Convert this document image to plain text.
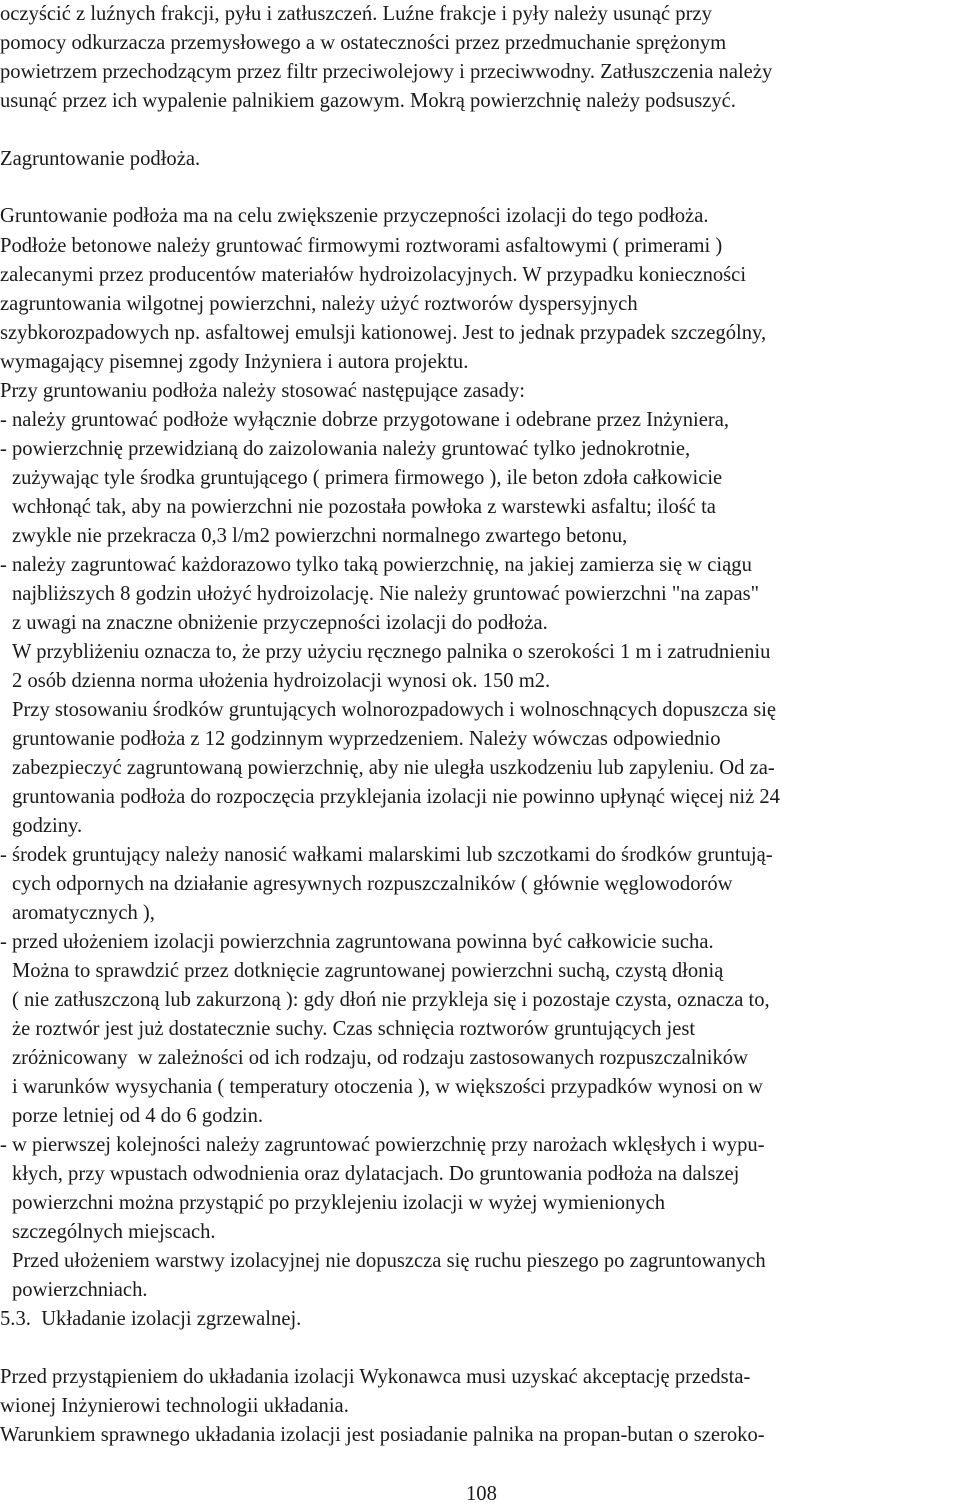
oczyścić z luźnych frakcji, pyłu i zatłuszczeń. Luźne frakcje i pyły należy usunąć przy
pomocy odkurzacza przemysłowego a w ostateczności przez przedmuchanie sprężonym
powietrzem przechodzącym przez filtr przeciwolejowy i przeciwwodny. Zatłuszczenia należy
usunąć przez ich wypalenie palnikiem gazowym. Mokrą powierzchnię należy podsuszyć.
Zagruntowanie podłoża.
Gruntowanie podłoża ma na celu zwiększenie przyczepności izolacji do tego podłoża.
Podłoże betonowe należy gruntować firmowymi roztworami asfaltowymi ( primerami )
zalecanymi przez producentów materiałów hydroizolacyjnych. W przypadku konieczności
zagruntowania wilgotnej powierzchni, należy użyć roztworów dyspersyjnych
szybkorozpadowych np. asfaltowej emulsji kationowej. Jest to jednak przypadek szczególny,
wymagający pisemnej zgody Inżyniera i autora projektu.
Przy gruntowaniu podłoża należy stosować następujące zasady:
- należy gruntować podłoże wyłącznie dobrze przygotowane i odebrane przez Inżyniera,
- powierzchnię przewidzianą do zaizolowania należy gruntować tylko jednokrotnie,
zużywając tyle środka gruntującego ( primera firmowego ), ile beton zdoła całkowicie
wchłonąć tak, aby na powierzchni nie pozostała powłoka z warstewki asfaltu; ilość ta
zwykle nie przekracza 0,3 l/m2 powierzchni normalnego zwartego betonu,
- należy zagruntować każdorazowo tylko taką powierzchnię, na jakiej zamierza się w ciągu
najbliższych 8 godzin ułożyć hydroizolację. Nie należy gruntować powierzchni "na zapas"
z uwagi na znaczne obniżenie przyczepności izolacji do podłoża.
W przybliżeniu oznacza to, że przy użyciu ręcznego palnika o szerokości 1 m i zatrudnieniu
2 osób dzienna norma ułożenia hydroizolacji wynosi ok. 150 m2.
Przy stosowaniu środków gruntujących wolnorozpadowych i wolnoschnących dopuszcza się
gruntowanie podłoża z 12 godzinnym wyprzedzeniem. Należy wówczas odpowiednio
zabezpieczyć zagruntowaną powierzchnię, aby nie uległa uszkodzeniu lub zapyleniu. Od za-
gruntowania podłoża do rozpoczęcia przyklejania izolacji nie powinno upłynąć więcej niż 24
godziny.
- środek gruntujący należy nanosić wałkami malarskimi lub szczotkami do środków gruntują-
cych odpornych na działanie agresywnych rozpuszczalników ( głównie węglowodorów
aromatycznych ),
- przed ułożeniem izolacji powierzchnia zagruntowana powinna być całkowicie sucha.
Można to sprawdzić przez dotknięcie zagruntowanej powierzchni suchą, czystą dłonią
( nie zatłuszczoną lub zakurzoną ): gdy dłoń nie przykleja się i pozostaje czysta, oznacza to,
że roztwór jest już dostatecznie suchy. Czas schnięcia roztworów gruntujących jest
zróżnicowany  w zależności od ich rodzaju, od rodzaju zastosowanych rozpuszczalników
i warunków wysychania ( temperatury otoczenia ), w większości przypadków wynosi on w
porze letniej od 4 do 6 godzin.
- w pierwszej kolejności należy zagruntować powierzchnię przy narożach wklęsłych i wypu-
kłych, przy wpustach odwodnienia oraz dylatacjach. Do gruntowania podłoża na dalszej
powierzchni można przystąpić po przyklejeniu izolacji w wyżej wymienionych
szczególnych miejscach.
Przed ułożeniem warstwy izolacyjnej nie dopuszcza się ruchu pieszego po zagruntowanych
powierzchniach.
5.3.  Układanie izolacji zgrzewalnej.
Przed przystąpieniem do układania izolacji Wykonawca musi uzyskać akceptację przedsta-
wionej Inżynierowi technologii układania.
Warunkiem sprawnego układania izolacji jest posiadanie palnika na propan-butan o szeroko-
108
